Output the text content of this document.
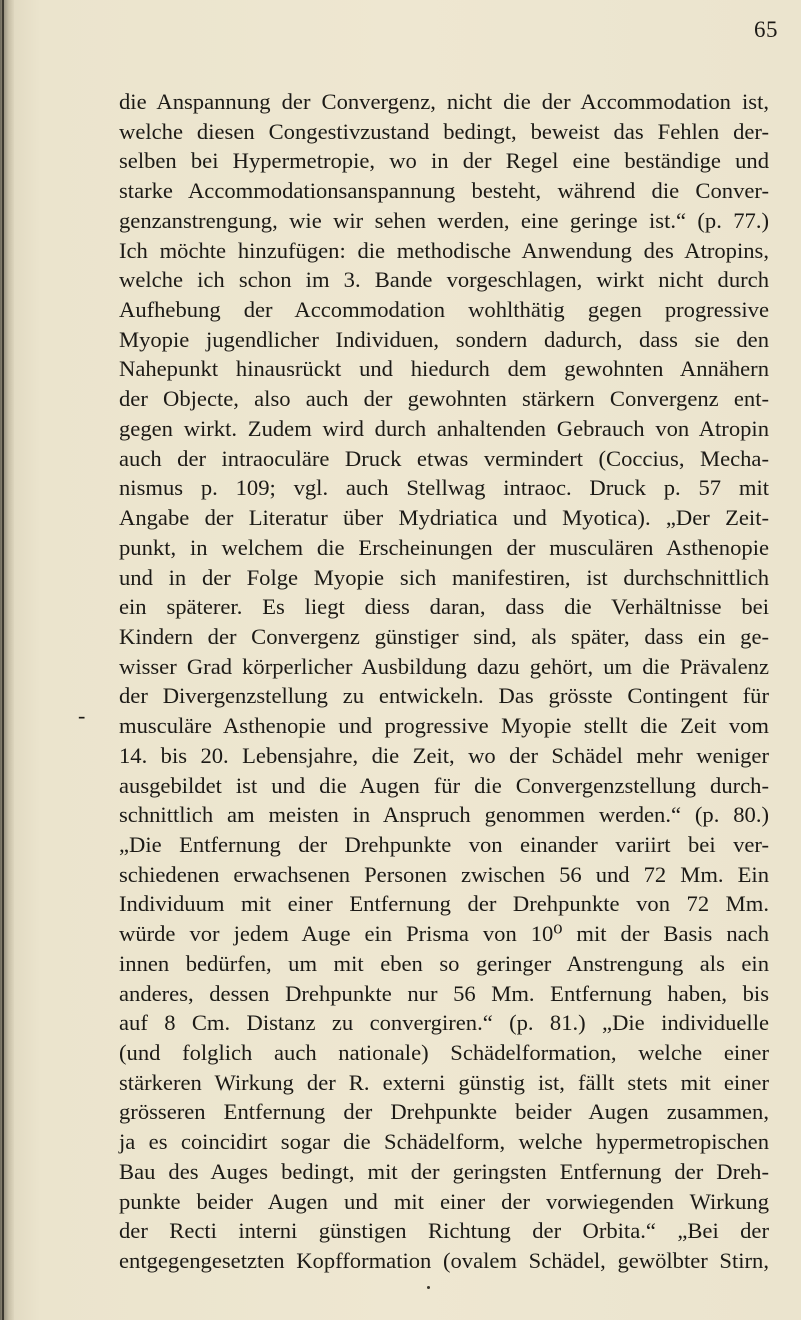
65
-
die Anspannung der Convergenz, nicht die der Accommodation ist,
welche diesen Congestivzustand bedingt, beweist das Fehlen der-
selben bei Hypermetropie, wo in der Regel eine beständige und
starke Accommodationsanspannung besteht, während die Conver-
genzanstrengung, wie wir sehen werden, eine geringe ist.“ (p. 77.)
Ich möchte hinzufügen: die methodische Anwendung des Atropins,
welche ich schon im 3. Bande vorgeschlagen, wirkt nicht durch
Aufhebung der Accommodation wohlthätig gegen progressive
Myopie jugendlicher Individuen, sondern dadurch, dass sie den
Nahepunkt hinausrückt und hiedurch dem gewohnten Annähern
der Objecte, also auch der gewohnten stärkern Convergenz ent-
gegen wirkt. Zudem wird durch anhaltenden Gebrauch von Atropin
auch der intraoculäre Druck etwas vermindert (Coccius, Mecha-
nismus p. 109; vgl. auch Stellwag intraoc. Druck p. 57 mit
Angabe der Literatur über Mydriatica und Myotica). „Der Zeit-
punkt, in welchem die Erscheinungen der musculären Asthenopie
und in der Folge Myopie sich manifestiren, ist durchschnittlich
ein späterer. Es liegt diess daran, dass die Verhältnisse bei
Kindern der Convergenz günstiger sind, als später, dass ein ge-
wisser Grad körperlicher Ausbildung dazu gehört, um die Prävalenz
der Divergenzstellung zu entwickeln. Das grösste Contingent für
musculäre Asthenopie und progressive Myopie stellt die Zeit vom
14. bis 20. Lebensjahre, die Zeit, wo der Schädel mehr weniger
ausgebildet ist und die Augen für die Convergenzstellung durch-
schnittlich am meisten in Anspruch genommen werden.“ (p. 80.)
„Die Entfernung der Drehpunkte von einander variirt bei ver-
schiedenen erwachsenen Personen zwischen 56 und 72 Mm. Ein
Individuum mit einer Entfernung der Drehpunkte von 72 Mm.
würde vor jedem Auge ein Prisma von 10⁰ mit der Basis nach
innen bedürfen, um mit eben so geringer Anstrengung als ein
anderes, dessen Drehpunkte nur 56 Mm. Entfernung haben, bis
auf 8 Cm. Distanz zu convergiren.“ (p. 81.) „Die individuelle
(und folglich auch nationale) Schädelformation, welche einer
stärkeren Wirkung der R. externi günstig ist, fällt stets mit einer
grösseren Entfernung der Drehpunkte beider Augen zusammen,
ja es coincidirt sogar die Schädelform, welche hypermetropischen
Bau des Auges bedingt, mit der geringsten Entfernung der Dreh-
punkte beider Augen und mit einer der vorwiegenden Wirkung
der Recti interni günstigen Richtung der Orbita.“ „Bei der
entgegengesetzten Kopfformation (ovalem Schädel, gewölbter Stirn,
